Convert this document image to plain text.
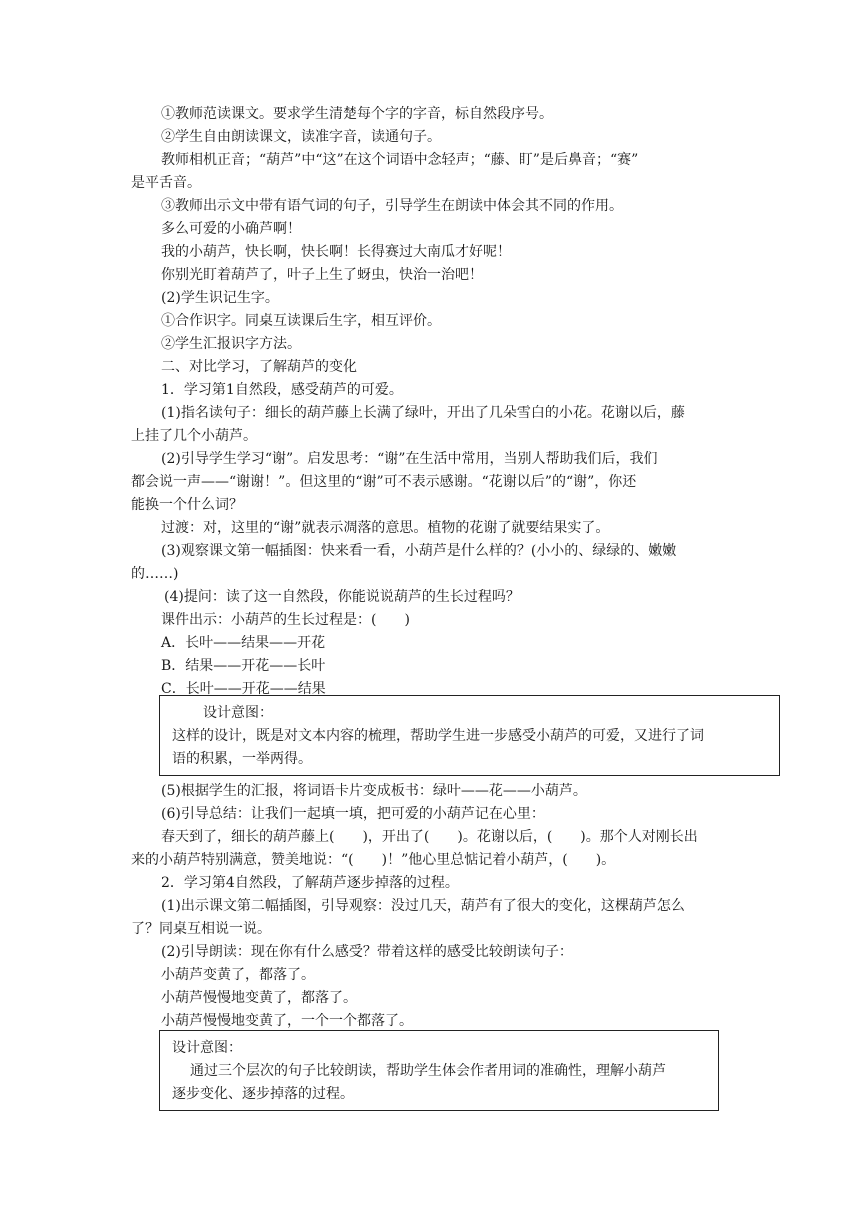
①教师范读课文。要求学生清楚每个字的字音，标自然段序号。
②学生自由朗读课文，读准字音，读通句子。
教师相机正音；“葫芦”中“这”在这个词语中念轻声；“藤、盯”是后鼻音；“赛”
是平舌音。
③教师出示文中带有语气词的句子，引导学生在朗读中体会其不同的作用。
多么可爱的小确芦啊！
我的小葫芦，快长啊，快长啊！长得赛过大南瓜才好呢！
你别光盯着葫芦了，叶子上生了蚜虫，快治一治吧！
(2)学生识记生字。
①合作识字。同桌互读课后生字，相互评价。
②学生汇报识字方法。
二、对比学习，了解葫芦的变化
1．学习第1自然段，感受葫芦的可爱。
(1)指名读句子：细长的葫芦藤上长满了绿叶，开出了几朵雪白的小花。花谢以后，藤
上挂了几个小葫芦。
(2)引导学生学习“谢”。启发思考：“谢”在生活中常用，当别人帮助我们后，我们
都会说一声——“谢谢！”。但这里的“谢”可不表示感谢。“花谢以后”的“谢”，你还
能换一个什么词？
过渡：对，这里的“谢”就表示凋落的意思。植物的花谢了就要结果实了。
(3)观察课文第一幅插图：快来看一看，小葫芦是什么样的？(小小的、绿绿的、嫩嫩
的……)
(4)提问：读了这一自然段，你能说说葫芦的生长过程吗？
课件出示：小葫芦的生长过程是：(　　)
A．长叶——结果——开花
B．结果——开花——长叶
C．长叶——开花——结果
设计意图：
这样的设计，既是对文本内容的梳理，帮助学生进一步感受小葫芦的可爱，又进行了词
语的积累，一举两得。
(5)根据学生的汇报，将词语卡片变成板书：绿叶——花——小葫芦。
(6)引导总结：让我们一起填一填，把可爱的小葫芦记在心里：
春天到了，细长的葫芦藤上(　　)，开出了(　　)。花谢以后，(　　)。那个人对刚长出
来的小葫芦特别满意，赞美地说：“(　　)！”他心里总惦记着小葫芦，(　　)。
2．学习第4自然段，了解葫芦逐步掉落的过程。
(1)出示课文第二幅插图，引导观察：没过几天，葫芦有了很大的变化，这棵葫芦怎么
了？同桌互相说一说。
(2)引导朗读：现在你有什么感受？带着这样的感受比较朗读句子：
小葫芦变黄了，都落了。
小葫芦慢慢地变黄了，都落了。
小葫芦慢慢地变黄了，一个一个都落了。
设计意图：
通过三个层次的句子比较朗读，帮助学生体会作者用词的准确性，理解小葫芦
逐步变化、逐步掉落的过程。
